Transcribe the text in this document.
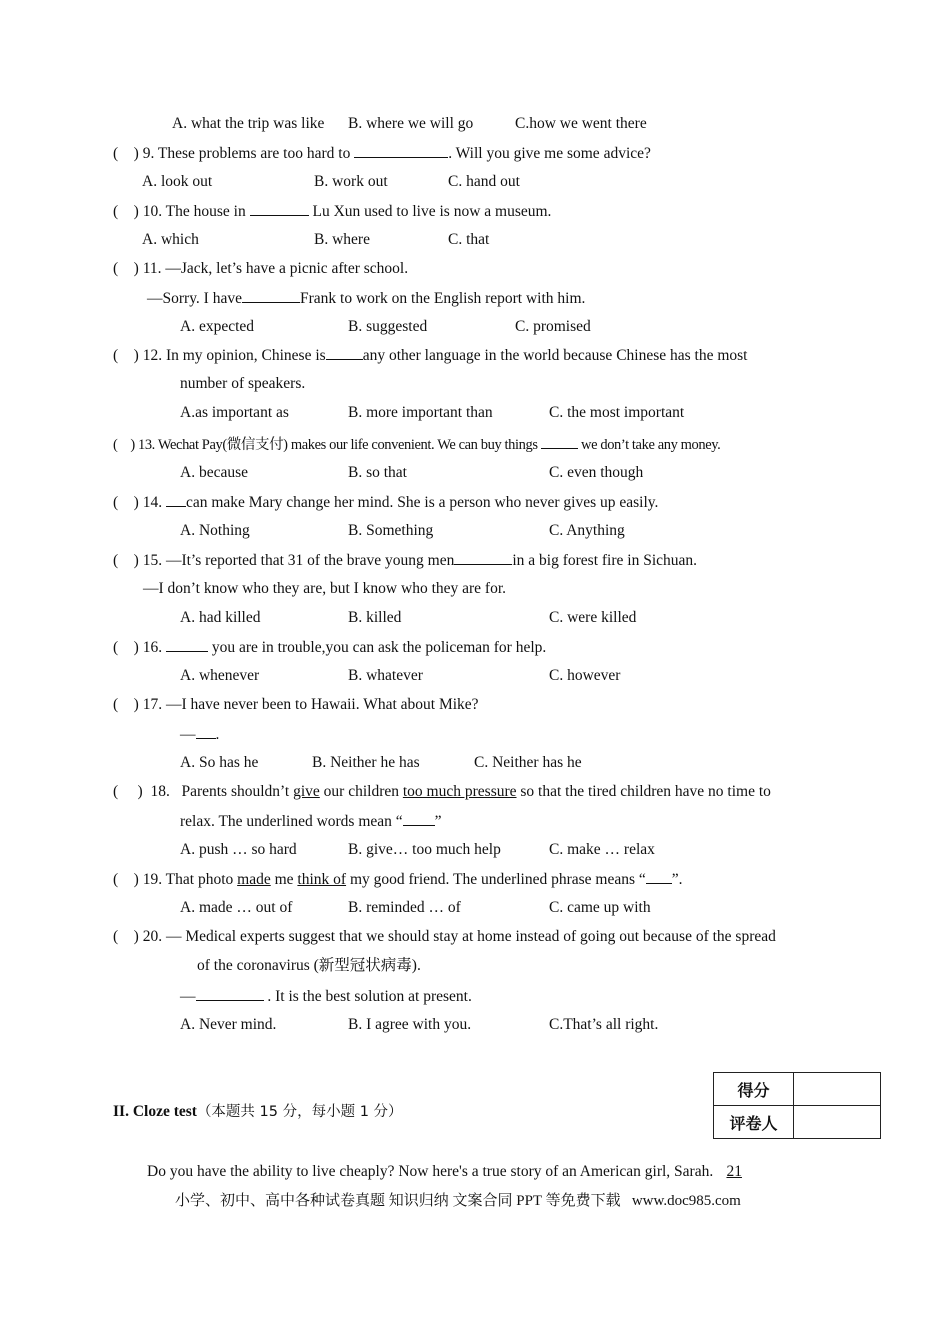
A. what the trip was like B. where we will go	C.how we went there
(    ) 9. These problems are too hard to	. Will you give me some advice?
A. look out	B. work out	C. hand out
(    ) 10. The house in	Lu Xun used to live is now a museum.
A. which	B. where	C. that
(    ) 11. —Jack, let’s have a picnic after school.
—Sorry. I have	Frank to work on the English report with him.
A. expected	B. suggested	C. promised
(    ) 12. In my opinion, Chinese is any other language in the world because Chinese has the most
number of speakers.
A.as important as	B. more important than	C. the most important
(    ) 13. Wechat Pay(微信支付) makes our life convenient. We can buy things	we don’t take any money.
A. because	B. so that	C. even though
(    ) 14. can make Mary change her mind. She is a person who never gives up easily.
A. Nothing	B. Something	C. Anything
(    ) 15. —It’s reported that 31 of the brave young men	in a big forest fire in Sichuan.
—I don’t know who they are, but I know who they are for.
A. had killed	B. killed	C. were killed
(    ) 16.	you are in trouble,you can ask the policeman for help.
A. whenever	B. whatever	C. however
(    ) 17. —I have never been to Hawaii. What about Mike?
— .
A. So has he	B. Neither he has	C. Neither has he
(     )  18.   Parents shouldn’t give our children too much pressure so that the tired children have no time to
relax. The underlined words mean “ ”
A. push … so hard	B. give… too much help	C. make … relax
(    ) 19. That photo made me think of my good friend. The underlined phrase means “ ”.
A. made … out of	B. reminded … of	C. came up with
(    ) 20. — Medical experts suggest that we should stay at home instead of going out because of the spread
of the coronavirus (新型冠状病毒).
—	. It is the best solution at present.
A. Never mind.	B. I agree with you.	C.That’s all right.
II. Cloze test（本题共 15 分，每小题 1 分）
得分	
评卷人	
Do you have the ability to live cheaply? Now here's a true story of an American girl, Sarah. 21
小学、初中、高中各种试卷真题 知识归纳 文案合同 PPT 等免费下载   www.doc985.com
